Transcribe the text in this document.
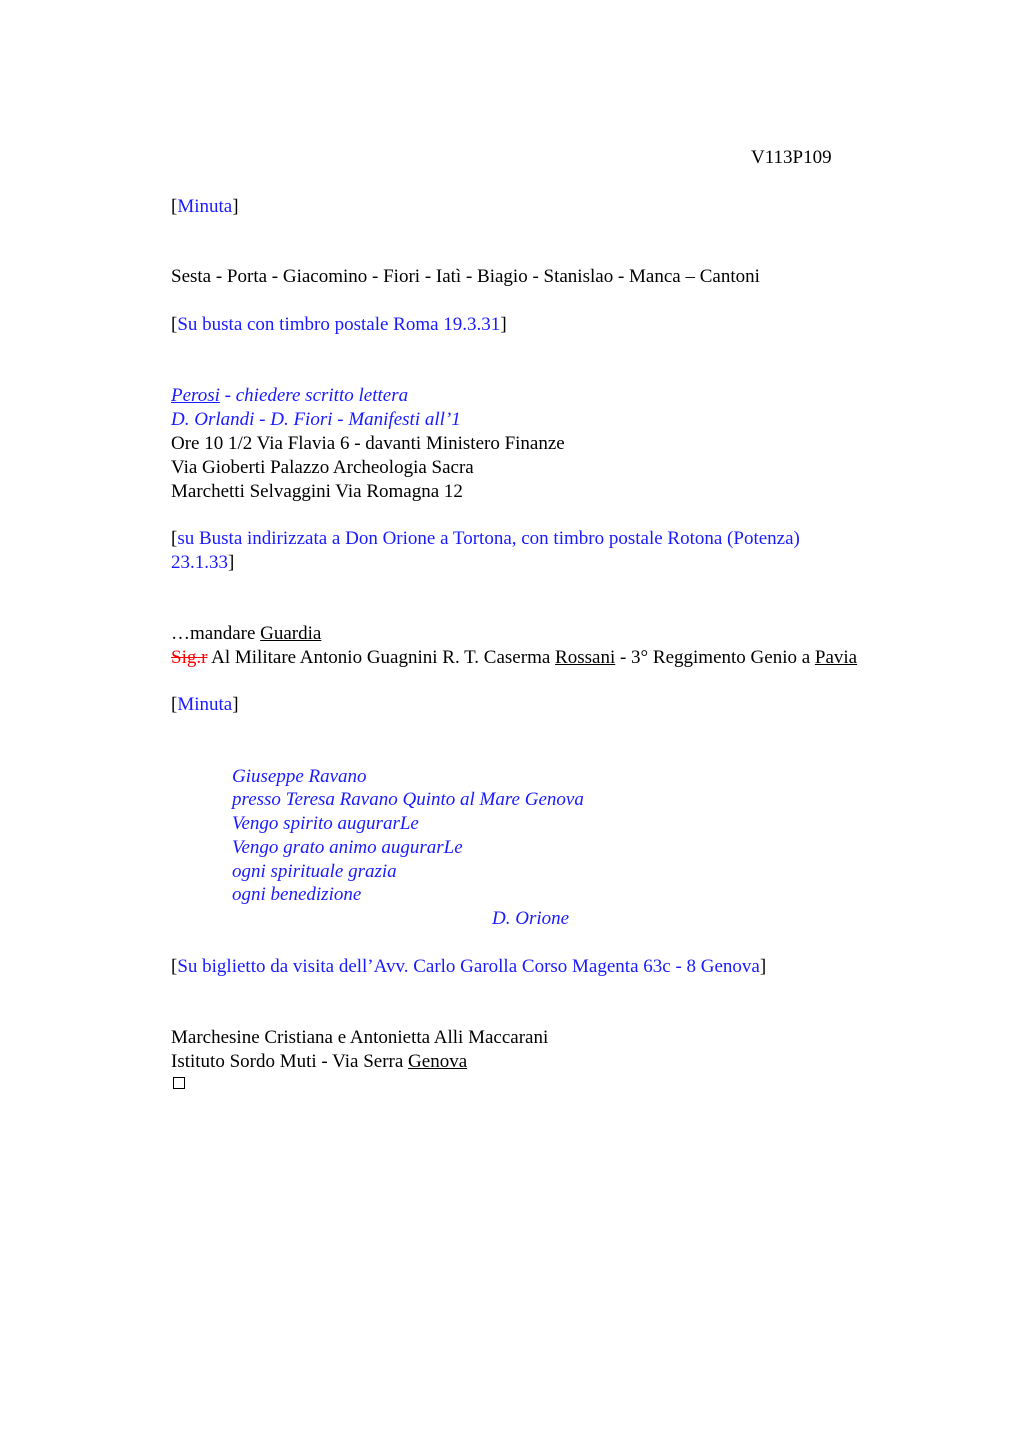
V113P109
[Minuta]
Sesta - Porta - Giacomino - Fiori - Iatì - Biagio - Stanislao - Manca – Cantoni
[Su busta con timbro postale Roma 19.3.31]
Perosi - chiedere scritto lettera
D. Orlandi - D. Fiori - Manifesti all’1
Ore 10 1/2 Via Flavia 6 - davanti Ministero Finanze
Via Gioberti Palazzo Archeologia Sacra
Marchetti Selvaggini Via Romagna 12
[su Busta indirizzata a Don Orione a Tortona, con timbro postale Rotona (Potenza)
23.1.33]
…mandare Guardia
Sig.r Al Militare Antonio Guagnini R. T. Caserma Rossani - 3° Reggimento Genio a Pavia
[Minuta]
Giuseppe Ravano
presso Teresa Ravano Quinto al Mare Genova
Vengo spirito augurarLe
Vengo grato animo augurarLe
ogni spirituale grazia
ogni benedizione
D. Orione
[Su biglietto da visita dell’Avv. Carlo Garolla Corso Magenta 63c - 8 Genova]
Marchesine Cristiana e Antonietta Alli Maccarani
Istituto Sordo Muti - Via Serra Genova
